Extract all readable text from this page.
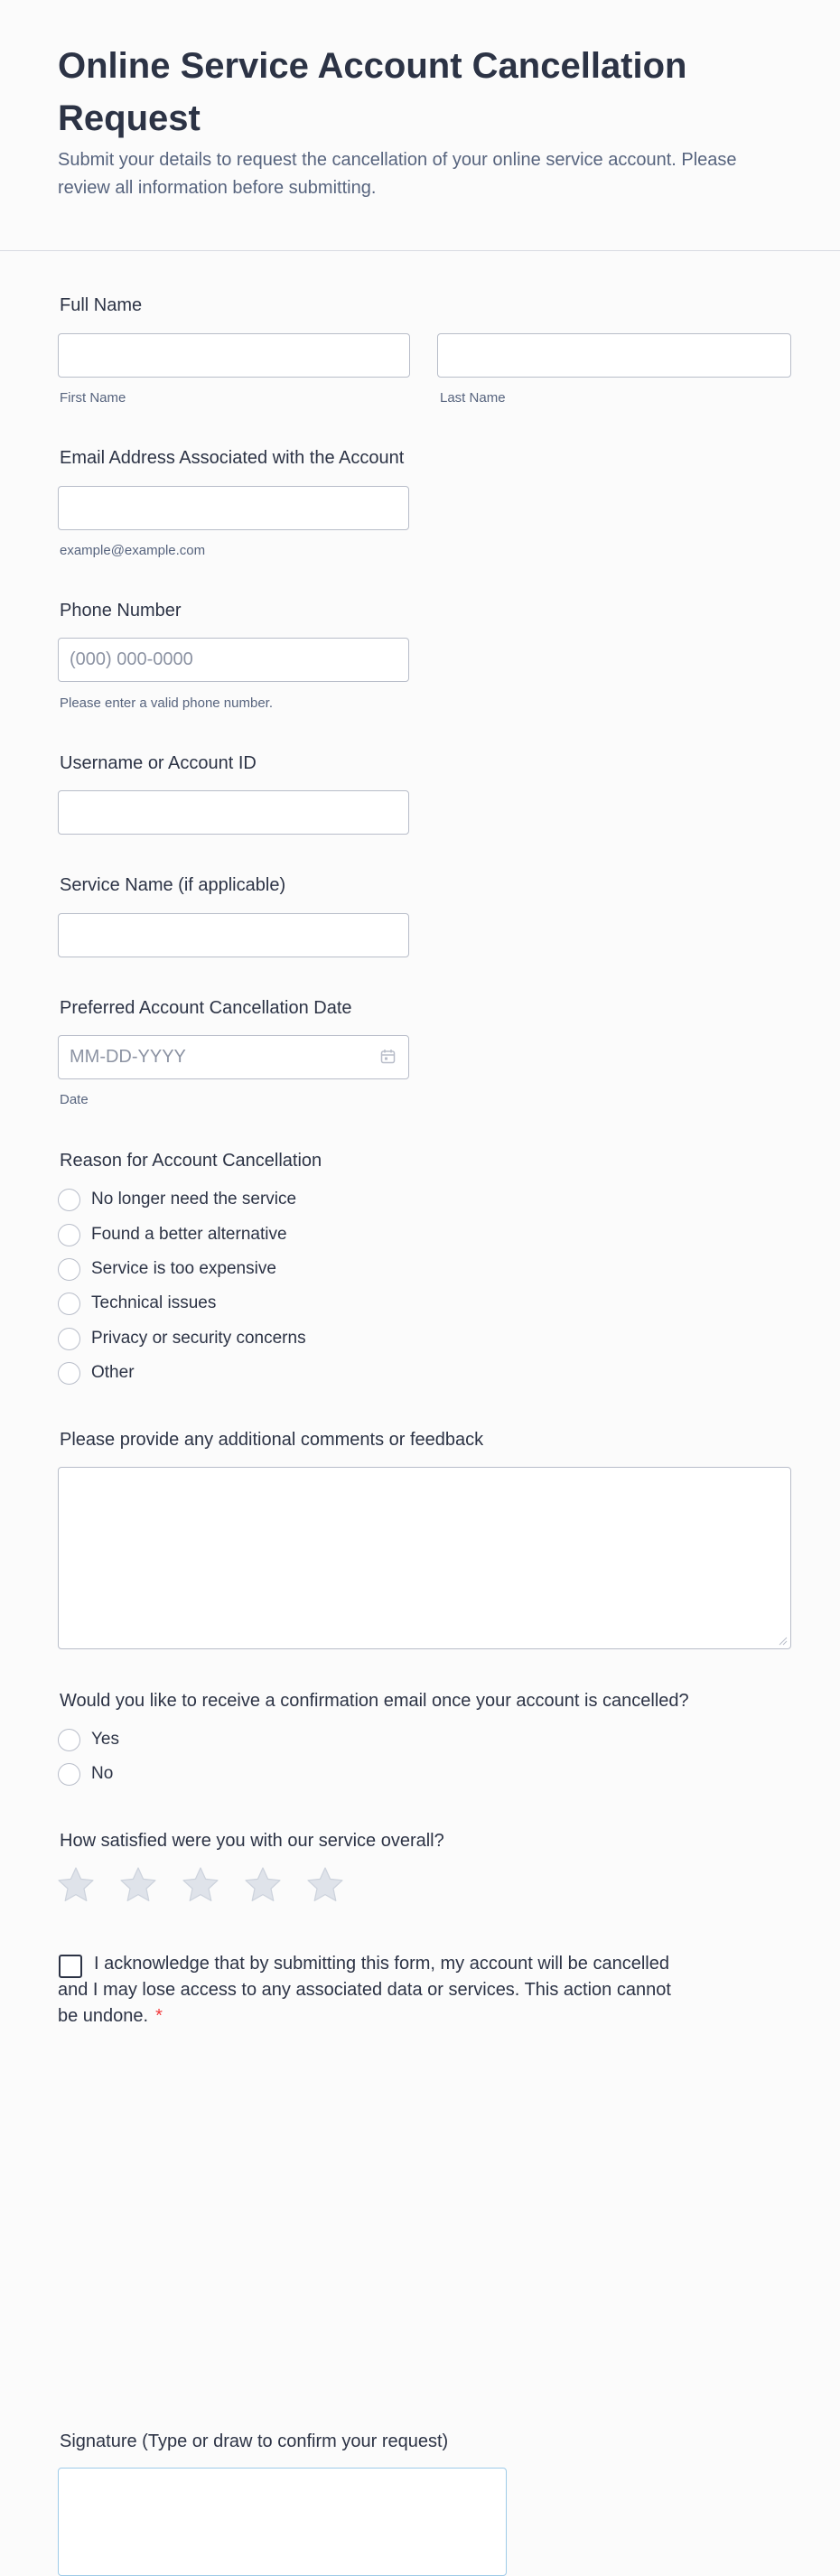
Online Service Account Cancellation Request

Submit your details to request the cancellation of your online service account. Please review all information before submitting.

Full Name
First Name	Last Name
Email Address Associated with the Account
example@example.com
Phone Number
(000) 000-0000
Please enter a valid phone number.
Username or Account ID
Service Name (if applicable)
Preferred Account Cancellation Date
MM-DD-YYYY
Date
Reason for Account Cancellation
No longer need the service
Found a better alternative
Service is too expensive
Technical issues
Privacy or security concerns
Other
Please provide any additional comments or feedback
Would you like to receive a confirmation email once your account is cancelled?
Yes
No
How satisfied were you with our service overall?

I acknowledge that by submitting this form, my account will be cancelled and I may lose access to any associated data or services. This action cannot be undone. *

Signature (Type or draw to confirm your request)
